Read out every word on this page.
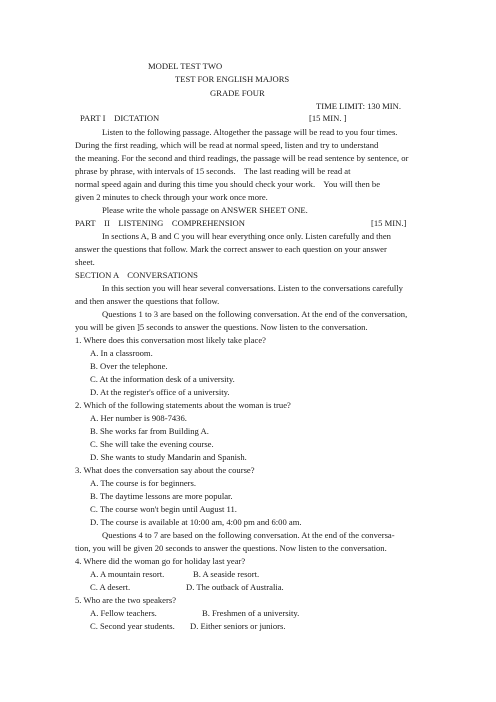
MODEL TEST TWO
TEST FOR ENGLISH MAJORS
GRADE FOUR
TIME LIMIT: 130 MIN.
PART I    DICTATION	[15 MIN. ]
Listen to the following passage. Altogether the passage will be read to you four times.
During the first reading, which will be read at normal speed, listen and try to understand
the meaning. For the second and third readings, the passage will be read sentence by sentence, or
phrase by phrase, with intervals of 15 seconds.    The last reading will be read at
normal speed again and during this time you should check your work.    You will then be
given 2 minutes to check through your work once more.
Please write the whole passage on ANSWER SHEET ONE.
PART    II    LISTENING    COMPREHENSION	[15 MIN.]
In sections A, B and C you will hear everything once only. Listen carefully and then
answer the questions that follow. Mark the correct answer to each question on your answer
sheet.
SECTION A    CONVERSATIONS
In this section you will hear several conversations. Listen to the conversations carefully
and then answer the questions that follow.
Questions 1 to 3 are based on the following conversation. At the end of the conversation,
you will be given ]5 seconds to answer the questions. Now listen to the conversation.
1. Where does this conversation most likely take place?
A. In a classroom.
B. Over the telephone.
C. At the information desk of a university.
D. At the register's office of a university.
2. Which of the following statements about the woman is true?
A. Her number is 908-7436.
B. She works far from Building A.
C. She will take the evening course.
D. She wants to study Mandarin and Spanish.
3. What does the conversation say about the course?
A. The course is for beginners.
B. The daytime lessons are more popular.
C. The course won't begin until August 11.
D. The course is available at 10:00 am, 4:00 pm and 6:00 am.
Questions 4 to 7 are based on the following conversation. At the end of the conversa-
tion, you will be given 20 seconds to answer the questions. Now listen to the conversation.
4. Where did the woman go for holiday last year?
A. A mountain resort.	B. A seaside resort.
C. A desert.	D. The outback of Australia.
5. Who are the two speakers?
A. Fellow teachers.	B. Freshmen of a university.
C. Second year students. D. Either seniors or juniors.
